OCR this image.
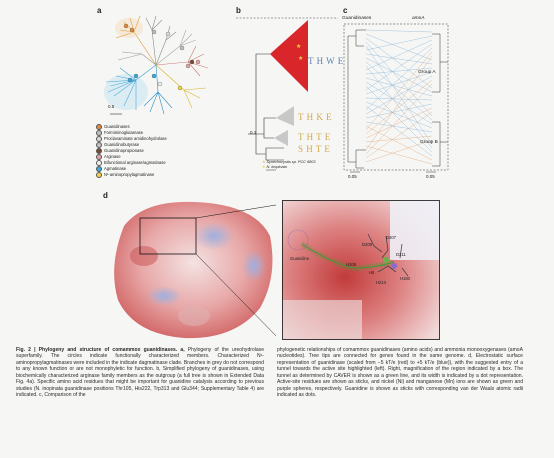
a	b	c
d
0.5
Guanidinases
Formiminoglutamase
Proclavaminate amidinohydrolase
Guanidinobutyrase
Guanidinopropionase
Arginase
Bifunctional arginase/agmatinase
Agmatinase
N¹-aminopropylagmatinase
★
★
0.1
T H W E
T H K E
T H T E
S H T E
★ Synechocystis sp. PCC 6803
★ N. inopinata
Guanidinases	amoA
Group A
Group B
0.05	0.05
D307
D209
D211
H209
H8
H213
H180
Guanidine
Fig. 2 | Phylogeny and structure of comammox guanidinases. a, Phylogeny of the ureohydrolase superfamily. The circles indicate functionally characterized members. Characterized N¹-aminopropylagmatinases were included in the indicate dagmatinase clade. Branches in grey do not correspond to any known function or are not monophyletic for function. b, Simplified phylogeny of guanidinases, using biochemically characterized arginase family members as the outgroup (a full tree is shown in Extended Data Fig. 4a). Specific amino acid residues that might be important for guanidine catalysis according to previous studies (N. inopinata guanidinase positions Thr105, His222, Trp313 and Glu344; Supplementary Table 4) are indicated. c, Comparison of the
phylogenetic relationships of comammox guanidinases (amino acids) and ammonia monooxygenases (amoA nucleotides). Tree tips are connected for genes found in the same genome. d, Electrostatic surface representation of guanidinase (scaled from −5 kT/e (red) to +5 kT/e (blue)), with the suggested entry of a tunnel towards the active site highlighted (left). Right, magnification of the region indicated by a box. The tunnel as determined by CAVER is shown as a green line, and its width is indicated by a dot representation. Active-site residues are shown as sticks, and nickel (Ni) and manganese (Mn) ions are shown as green and purple spheres, respectively. Guanidine is shown as sticks with corresponding van der Waals atomic radii indicated as dots.
